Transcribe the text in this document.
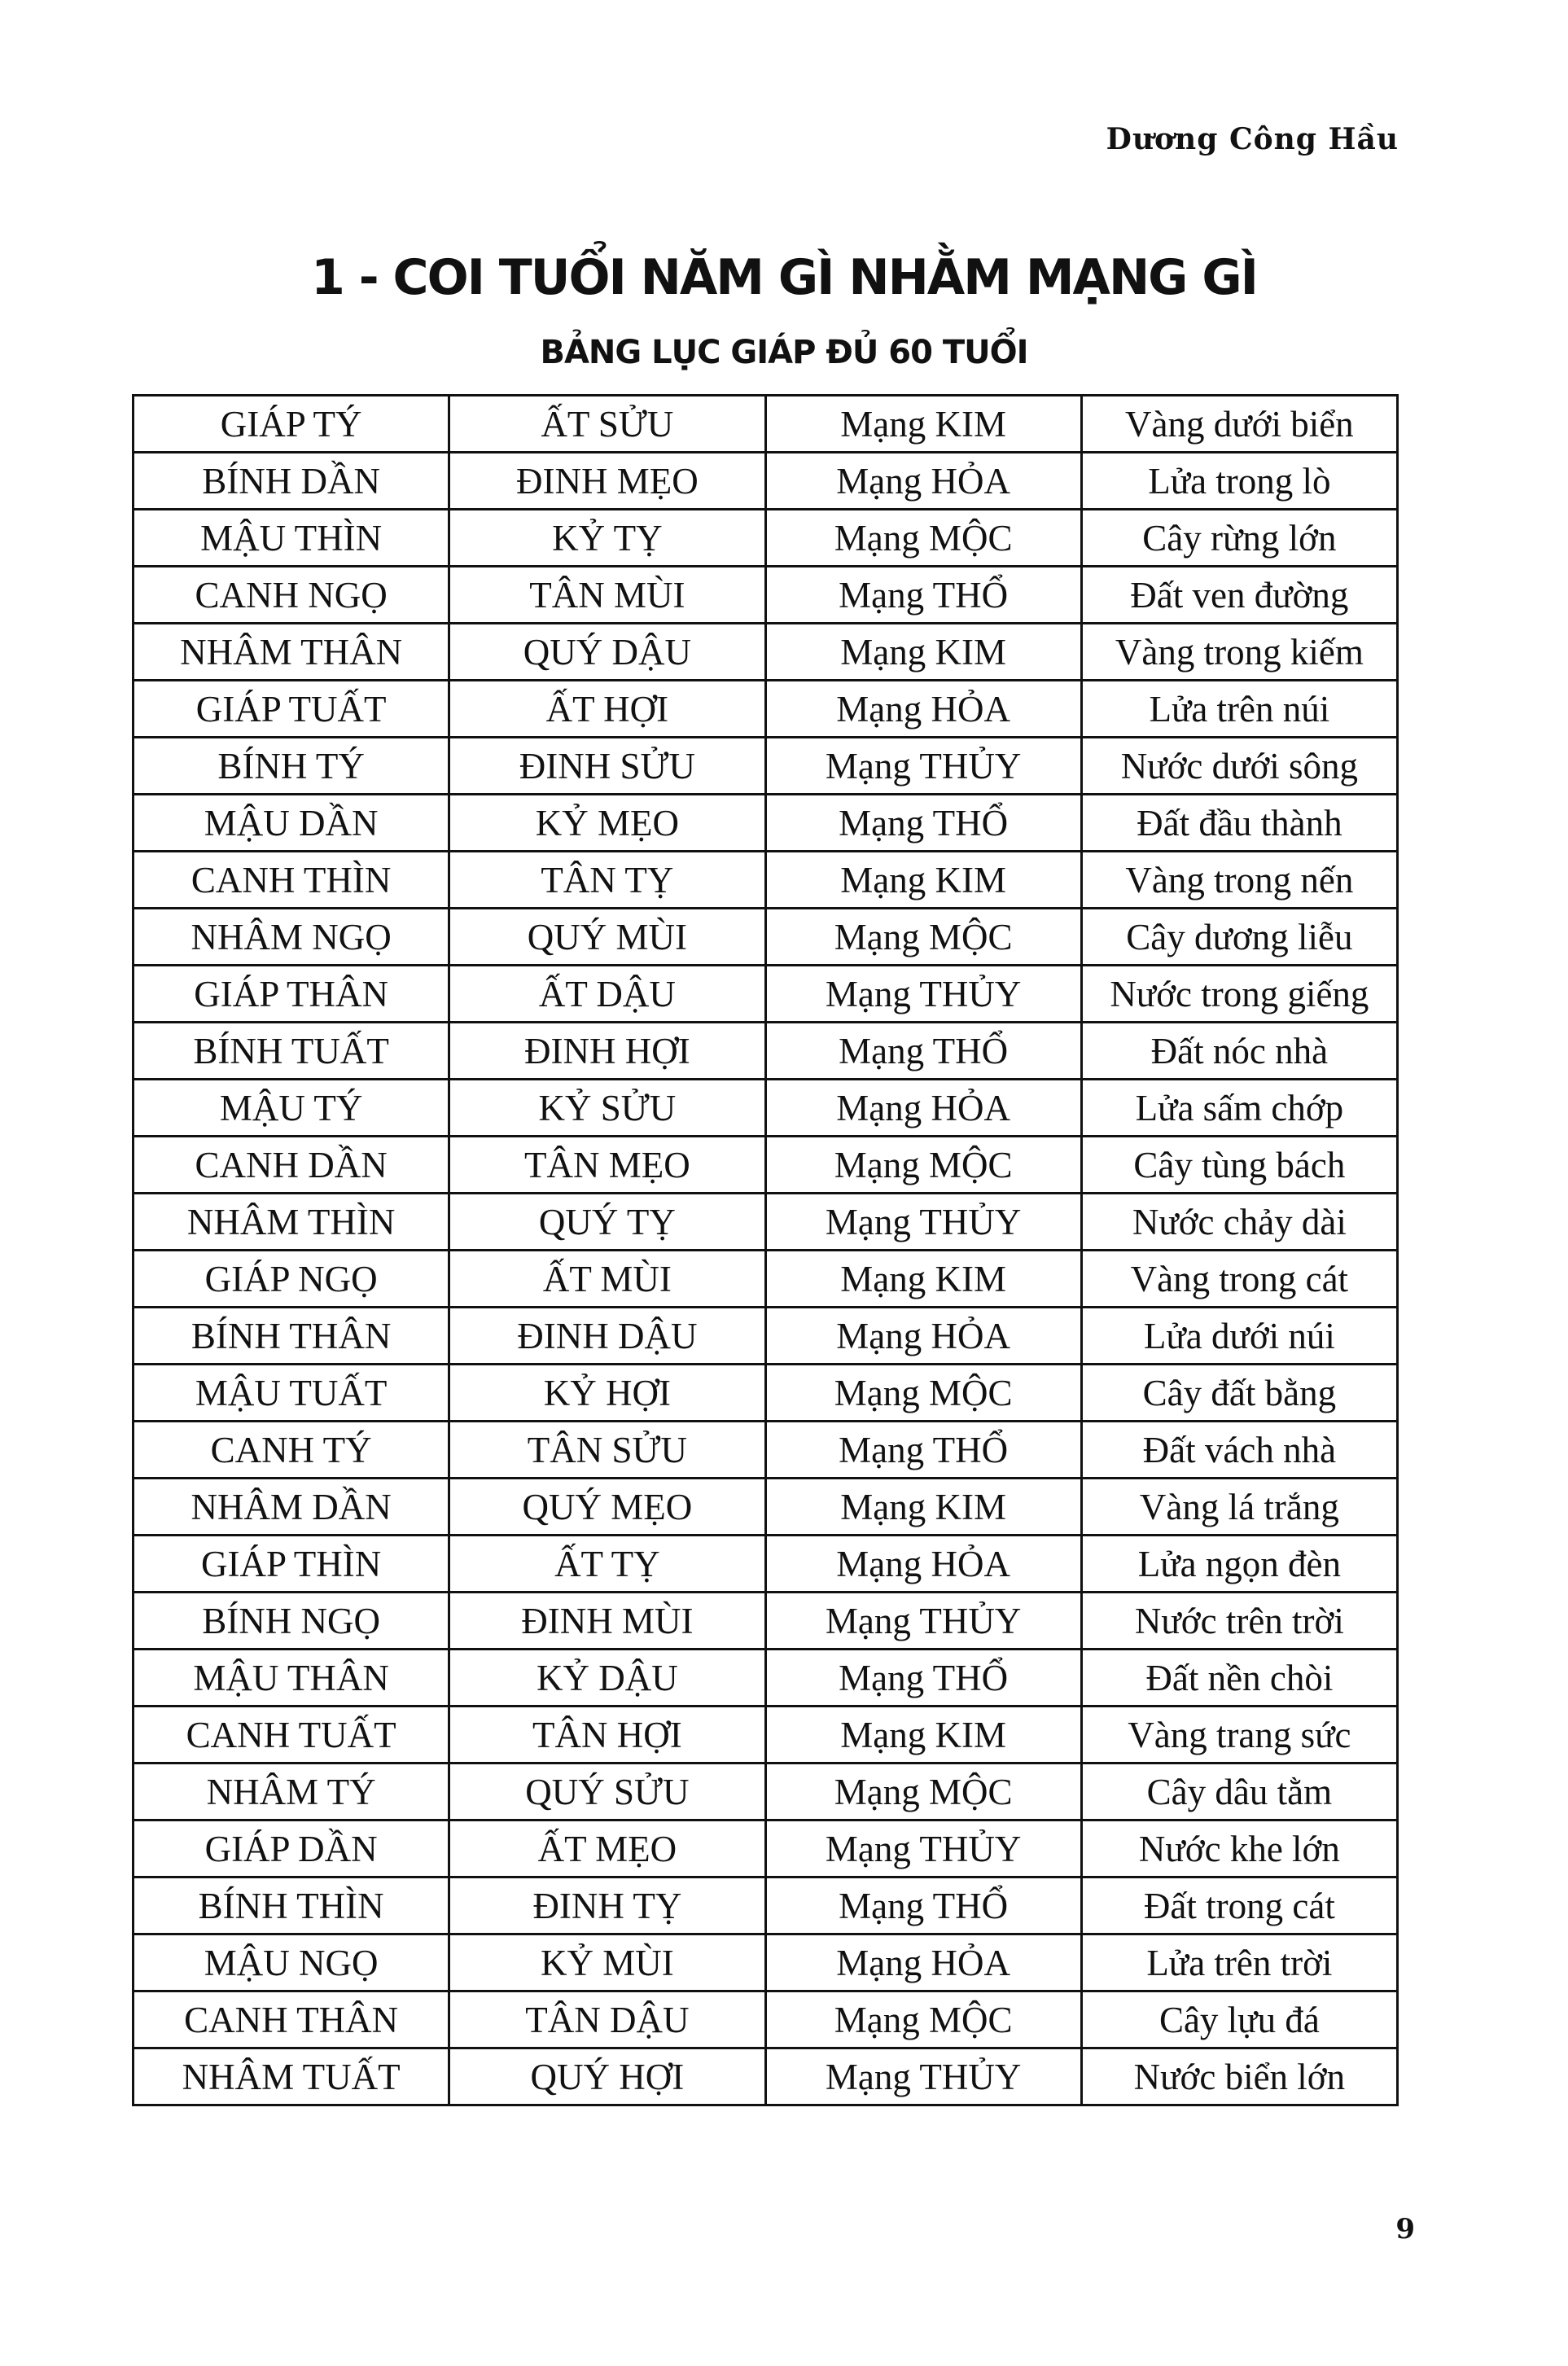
Dương Công Hầu
1 - COI TUỔI NĂM GÌ NHẰM MẠNG GÌ
BẢNG LỤC GIÁP ĐỦ 60 TUỔI
GIÁP TÝ	ẤT SỬU	Mạng KIM	Vàng dưới biển
BÍNH DẦN	ĐINH MẸO	Mạng HỎA	Lửa trong lò
MẬU THÌN	KỶ TỴ	Mạng MỘC	Cây rừng lớn
CANH NGỌ	TÂN MÙI	Mạng THỔ	Đất ven đường
NHÂM THÂN	QUÝ DẬU	Mạng KIM	Vàng trong kiếm
GIÁP TUẤT	ẤT HỢI	Mạng HỎA	Lửa trên núi
BÍNH TÝ	ĐINH SỬU	Mạng THỦY	Nước dưới sông
MẬU DẦN	KỶ MẸO	Mạng THỔ	Đất đầu thành
CANH THÌN	TÂN TỴ	Mạng KIM	Vàng trong nến
NHÂM NGỌ	QUÝ MÙI	Mạng MỘC	Cây dương liễu
GIÁP THÂN	ẤT DẬU	Mạng THỦY	Nước trong giếng
BÍNH TUẤT	ĐINH HỢI	Mạng THỔ	Đất nóc nhà
MẬU TÝ	KỶ SỬU	Mạng HỎA	Lửa sấm chớp
CANH DẦN	TÂN MẸO	Mạng MỘC	Cây tùng bách
NHÂM THÌN	QUÝ TỴ	Mạng THỦY	Nước chảy dài
GIÁP NGỌ	ẤT MÙI	Mạng KIM	Vàng trong cát
BÍNH THÂN	ĐINH DẬU	Mạng HỎA	Lửa dưới núi
MẬU TUẤT	KỶ HỢI	Mạng MỘC	Cây đất bằng
CANH TÝ	TÂN SỬU	Mạng THỔ	Đất vách nhà
NHÂM DẦN	QUÝ MẸO	Mạng KIM	Vàng lá trắng
GIÁP THÌN	ẤT TỴ	Mạng HỎA	Lửa ngọn đèn
BÍNH NGỌ	ĐINH MÙI	Mạng THỦY	Nước trên trời
MẬU THÂN	KỶ DẬU	Mạng THỔ	Đất nền chòi
CANH TUẤT	TÂN HỢI	Mạng KIM	Vàng trang sức
NHÂM TÝ	QUÝ SỬU	Mạng MỘC	Cây dâu tằm
GIÁP DẦN	ẤT MẸO	Mạng THỦY	Nước khe lớn
BÍNH THÌN	ĐINH TỴ	Mạng THỔ	Đất trong cát
MẬU NGỌ	KỶ MÙI	Mạng HỎA	Lửa trên trời
CANH THÂN	TÂN DẬU	Mạng MỘC	Cây lựu đá
NHÂM TUẤT	QUÝ HỢI	Mạng THỦY	Nước biển lớn
9
